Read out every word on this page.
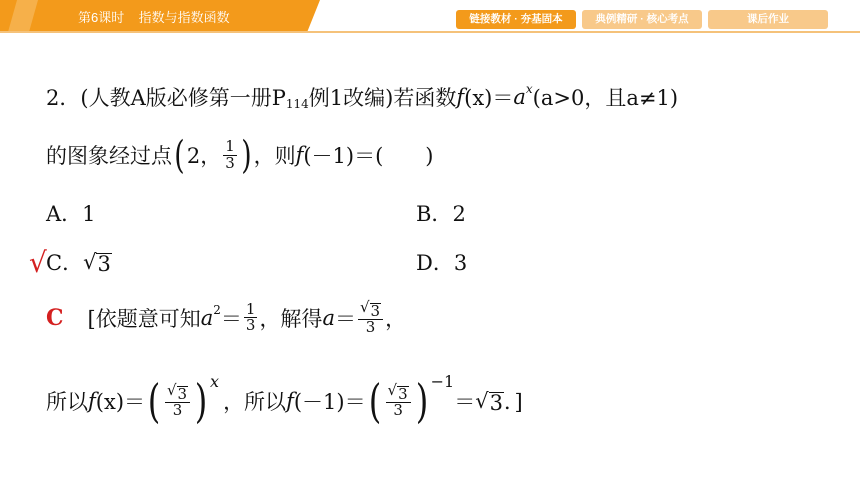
第6课时    指数与指数函数	链接教材 · 夯基固本	典例精研 · 核心考点	课后作业
2． (人教A版必修第一册P 114 例1改编)若函数 f (x)＝ a x (a>0，且a≠1)
的图象经过点 ( 2， $\frac{1}{3}$ ) ，则 f (－1)＝(　　)
A．1	B．2
√ C． √ 3	D．3
C [依题意可知 a $2 = \frac{1}{3}$ ，解得 $a = \frac{√ 3}{3}$ ，
所以 f (x)＝ ( $\frac{√ 3}{3}$ ) x
，所以 f (－1)＝ ( $\frac{√ 3}{3}$ ) −1
＝ √ 3 ．]
